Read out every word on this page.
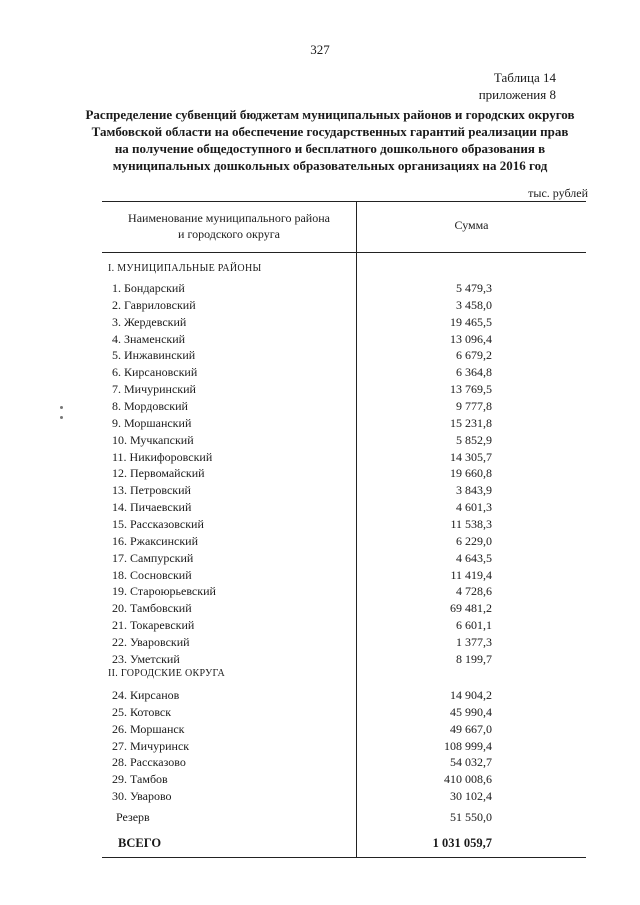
327
Таблица 14
приложения 8
Распределение субвенций бюджетам муниципальных районов и городских округов
Тамбовской области на обеспечение государственных гарантий реализации прав
на получение общедоступного и бесплатного дошкольного образования в
муниципальных дошкольных образовательных организациях на 2016 год
тыс. рублей
Наименование муниципального района
и городского округа
Сумма
I. МУНИЦИПАЛЬНЫЕ РАЙОНЫ
1. Бондарский	5 479,3
2. Гавриловский	3 458,0
3. Жердевский	19 465,5
4. Знаменский	13 096,4
5. Инжавинский	6 679,2
6. Кирсановский	6 364,8
7. Мичуринский	13 769,5
8. Мордовский	9 777,8
9. Моршанский	15 231,8
10. Мучкапский	5 852,9
11. Никифоровский	14 305,7
12. Первомайский	19 660,8
13. Петровский	3 843,9
14. Пичаевский	4 601,3
15. Рассказовский	11 538,3
16. Ржаксинский	6 229,0
17. Сампурский	4 643,5
18. Сосновский	11 419,4
19. Староюрьевский	4 728,6
20. Тамбовский	69 481,2
21. Токаревский	6 601,1
22. Уваровский	1 377,3
23. Уметский	8 199,7
II. ГОРОДСКИЕ ОКРУГА
24. Кирсанов	14 904,2
25. Котовск	45 990,4
26. Моршанск	49 667,0
27. Мичуринск	108 999,4
28. Рассказово	54 032,7
29. Тамбов	410 008,6
30. Уварово	30 102,4
Резерв	51 550,0
ВСЕГО	1 031 059,7
